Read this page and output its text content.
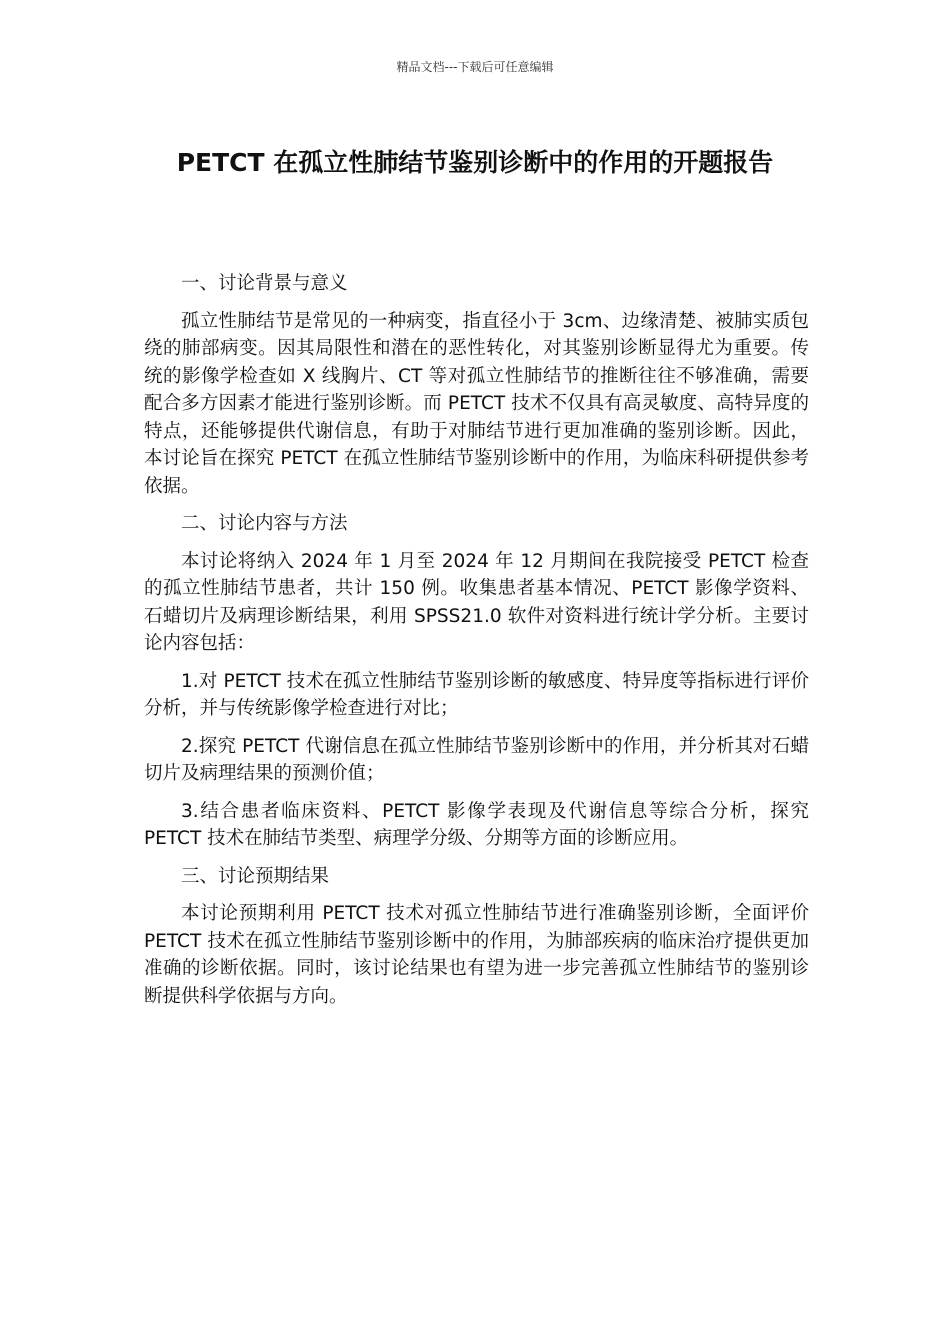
精品文档---下载后可任意编辑
PETCT 在孤立性肺结节鉴别诊断中的作用的开题报告

一、讨论背景与意义

孤立性肺结节是常见的一种病变，指直径小于 3cm、边缘清楚、被肺实质包绕的肺部病变。因其局限性和潜在的恶性转化，对其鉴别诊断显得尤为重要。传统的影像学检查如 X 线胸片、CT 等对孤立性肺结节的推断往往不够准确，需要配合多方因素才能进行鉴别诊断。而 PETCT 技术不仅具有高灵敏度、高特异度的特点，还能够提供代谢信息，有助于对肺结节进行更加准确的鉴别诊断。因此，本讨论旨在探究 PETCT 在孤立性肺结节鉴别诊断中的作用，为临床科研提供参考依据。

二、讨论内容与方法

本讨论将纳入 2024 年 1 月至 2024 年 12 月期间在我院接受 PETCT 检查的孤立性肺结节患者，共计 150 例。收集患者基本情况、PETCT 影像学资料、石蜡切片及病理诊断结果，利用 SPSS21.0 软件对资料进行统计学分析。主要讨论内容包括：

1.对 PETCT 技术在孤立性肺结节鉴别诊断的敏感度、特异度等指标进行评价分析，并与传统影像学检查进行对比；

2.探究 PETCT 代谢信息在孤立性肺结节鉴别诊断中的作用，并分析其对石蜡切片及病理结果的预测价值；

3.结合患者临床资料、PETCT 影像学表现及代谢信息等综合分析，探究 PETCT 技术在肺结节类型、病理学分级、分期等方面的诊断应用。

三、讨论预期结果

本讨论预期利用 PETCT 技术对孤立性肺结节进行准确鉴别诊断，全面评价 PETCT 技术在孤立性肺结节鉴别诊断中的作用，为肺部疾病的临床治疗提供更加准确的诊断依据。同时，该讨论结果也有望为进一步完善孤立性肺结节的鉴别诊断提供科学依据与方向。
